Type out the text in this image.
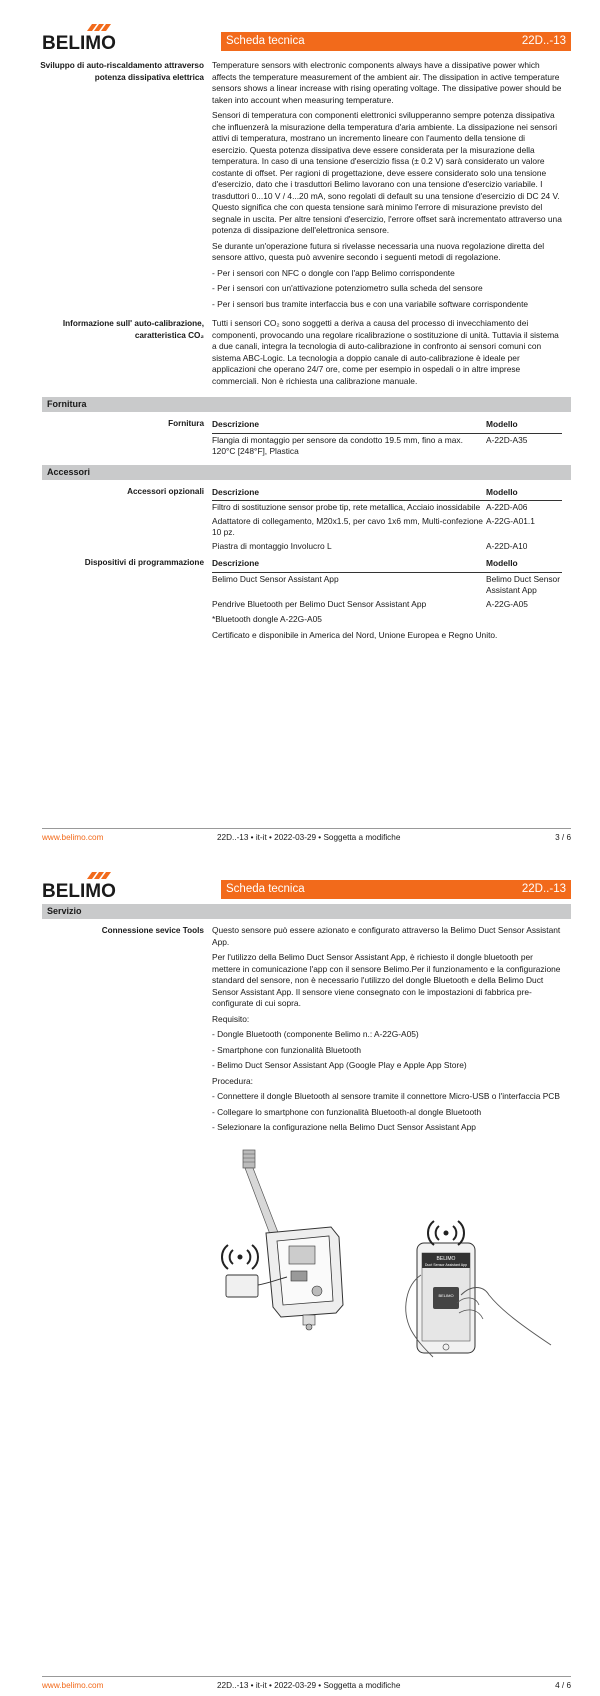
BELIMO	Scheda tecnica	22D..-13
Sviluppo di auto-riscaldamento attraverso
potenza dissipativa elettrica

Temperature sensors with electronic components always have a dissipative power which affects the temperature measurement of the ambient air. The dissipation in active temperature sensors shows a linear increase with rising operating voltage. The dissipative power should be taken into account when measuring temperature.

Sensori di temperatura con componenti elettronici svilupperanno sempre potenza dissipativa che influenzerà la misurazione della temperatura d'aria ambiente. La dissipazione nei sensori attivi di temperatura, mostrano un incremento lineare con l'aumento della tensione di esercizio. Questa potenza dissipativa deve essere considerata per la misurazione della temperatura. In caso di una tensione d'esercizio fissa (± 0.2 V) sarà considerato un valore costante di offset. Per ragioni di progettazione, deve essere considerato solo una tensione d'esercizio, dato che i trasduttori Belimo lavorano con una tensione d'esercizio variabile. I trasduttori 0...10 V / 4...20 mA, sono regolati di default su una tensione d'esercizio di DC 24 V. Questo significa che con questa tensione sarà minimo l'errore di misurazione previsto del segnale in uscita. Per altre tensioni d'esercizio, l'errore offset sarà incrementato attraverso una potenza di dissipazione dell'elettronica sensore.

Se durante un'operazione futura si rivelasse necessaria una nuova regolazione diretta del sensore attivo, questa può avvenire secondo i seguenti metodi di regolazione.

- Per i sensori con NFC o dongle con l'app Belimo corrispondente

- Per i sensori con un'attivazione potenziometro sulla scheda del sensore

- Per i sensori bus tramite interfaccia bus e con una variabile software corrispondente

Informazione sull' auto-calibrazione,
caratteristica CO₂

Tutti i sensori CO₂ sono soggetti a deriva a causa del processo di invecchiamento dei componenti, provocando una regolare ricalibrazione o sostituzione di unità. Tuttavia il sistema a due canali, integra la tecnologia di auto-calibrazione in confronto ai sensori comuni con sistema ABC-Logic. La tecnologia a doppio canale di auto-calibrazione è ideale per applicazioni che operano 24/7 ore, come per esempio in ospedali o in altre imprese commerciali. Non è richiesta una calibrazione manuale.

Fornitura
Fornitura Descrizione	Modello
Flangia di montaggio per sensore da condotto 19.5 mm, fino a max. 120°C [248°F], Plastica	A-22D-A35
Accessori
Accessori opzionali Descrizione	Modello
Filtro di sostituzione sensor probe tip, rete metallica, Acciaio inossidabile	A-22D-A06
Adattatore di collegamento, M20x1.5, per cavo 1x6 mm, Multi-confezione 10 pz.	A-22G-A01.1
Piastra di montaggio Involucro L	A-22D-A10
Dispositivi di programmazione Descrizione	Modello
Belimo Duct Sensor Assistant App	Belimo Duct Sensor Assistant App
Pendrive Bluetooth per Belimo Duct Sensor Assistant App	A-22G-A05

*Bluetooth dongle A-22G-A05

Certificato e disponibile in America del Nord, Unione Europea e Regno Unito.

www.belimo.com	22D..-13 • it-it • 2022-03-29 • Soggetta a modifiche	3 / 6
BELIMO	Scheda tecnica	22D..-13
Servizio
Connessione sevice Tools Questo sensore può essere azionato e configurato attraverso la Belimo Duct Sensor Assistant App.

Per l'utilizzo della Belimo Duct Sensor Assistant App, è richiesto il dongle bluetooth per mettere in comunicazione l'app con il sensore Belimo.Per il funzionamento e la configurazione standard del sensore, non è necessario l'utilizzo del dongle Bluetooth e della Belimo Duct Sensor Assistant App. Il sensore viene consegnato con le impostazioni di fabbrica pre-configurate di cui sopra.

Requisito:

- Dongle Bluetooth (componente Belimo n.: A-22G-A05)

- Smartphone con funzionalità Bluetooth

- Belimo Duct Sensor Assistant App (Google Play e Apple App Store)

Procedura:

- Connettere il dongle Bluetooth al sensore tramite il connettore Micro-USB o l'interfaccia PCB

- Collegare lo smartphone con funzionalità Bluetooth-al dongle Bluetooth

- Selezionare la configurazione nella Belimo Duct Sensor Assistant App

BELIMO
Duct Sensor Assistant App
BELIMO
www.belimo.com	22D..-13 • it-it • 2022-03-29 • Soggetta a modifiche	4 / 6
